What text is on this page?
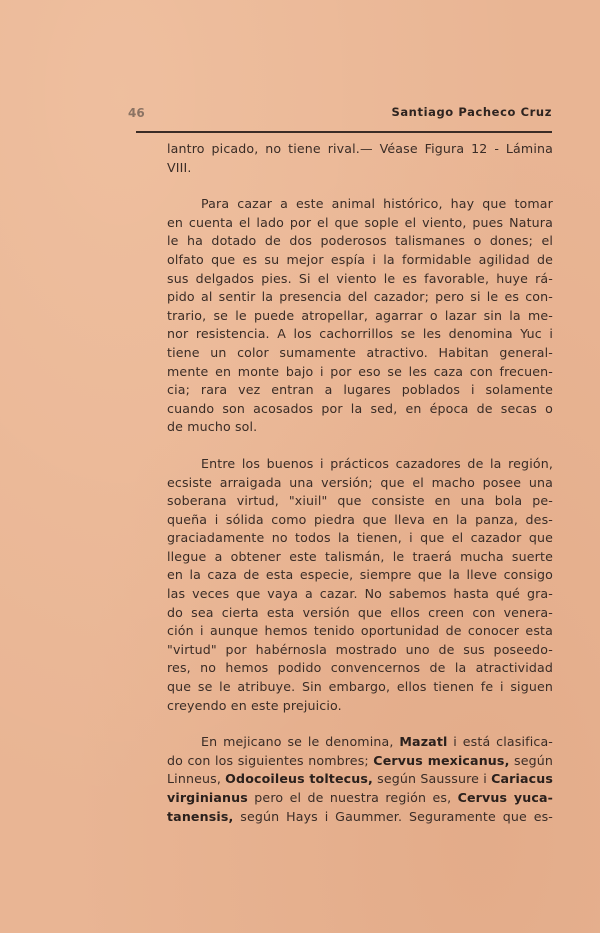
46	Santiago Pacheco Cruz
lantro picado, no tiene rival.— Véase Figura 12 - Lámina
VIII.
Para cazar a este animal histórico, hay que tomar
en cuenta el lado por el que sople el viento, pues Natura
le ha dotado de dos poderosos talismanes o dones; el
olfato que es su mejor espía i la formidable agilidad de
sus delgados pies. Si el viento le es favorable, huye rá-
pido al sentir la presencia del cazador; pero si le es con-
trario, se le puede atropellar, agarrar o lazar sin la me-
nor resistencia. A los cachorrillos se les denomina Yuc i
tiene un color sumamente atractivo. Habitan general-
mente en monte bajo i por eso se les caza con frecuen-
cia; rara vez entran a lugares poblados i solamente
cuando son acosados por la sed, en época de secas o
de mucho sol.
Entre los buenos i prácticos cazadores de la región,
ecsiste arraigada una versión; que el macho posee una
soberana virtud, "xiuil" que consiste en una bola pe-
queña i sólida como piedra que lleva en la panza, des-
graciadamente no todos la tienen, i que el cazador que
llegue a obtener este talismán, le traerá mucha suerte
en la caza de esta especie, siempre que la lleve consigo
las veces que vaya a cazar. No sabemos hasta qué gra-
do sea cierta esta versión que ellos creen con venera-
ción i aunque hemos tenido oportunidad de conocer esta
"virtud" por habérnosla mostrado uno de sus poseedo-
res, no hemos podido convencernos de la atractividad
que se le atribuye. Sin embargo, ellos tienen fe i siguen
creyendo en este prejuicio.
En mejicano se le denomina, Mazatl i está clasifica-
do con los siguientes nombres; Cervus mexicanus, según
Linneus, Odocoileus toltecus, según Saussure i Cariacus
virginianus pero el de nuestra región es, Cervus yuca-
tanensis, según Hays i Gaummer. Seguramente que es-
